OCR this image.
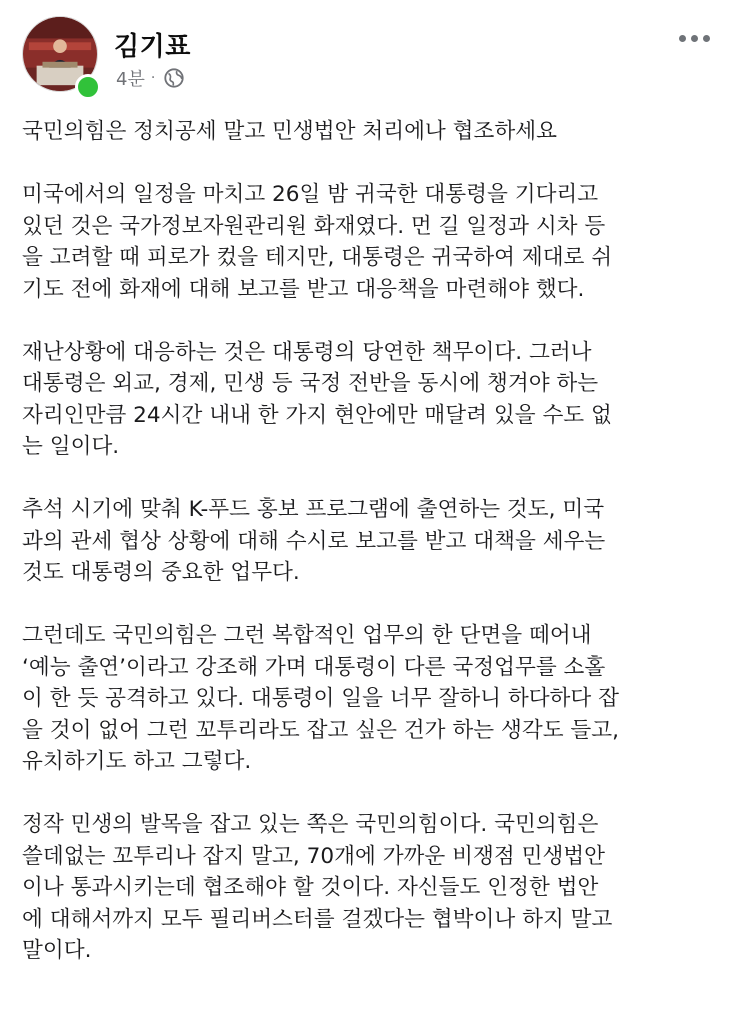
김기표
4분 ·

국민의힘은 정치공세 말고 민생법안 처리에나 협조하세요

미국에서의 일정을 마치고 26일 밤 귀국한 대통령을 기다리고
있던 것은 국가정보자원관리원 화재였다. 먼 길 일정과 시차 등
을 고려할 때 피로가 컸을 테지만, 대통령은 귀국하여 제대로 쉬
기도 전에 화재에 대해 보고를 받고 대응책을 마련해야 했다.

재난상황에 대응하는 것은 대통령의 당연한 책무이다. 그러나
대통령은 외교, 경제, 민생 등 국정 전반을 동시에 챙겨야 하는
자리인만큼 24시간 내내 한 가지 현안에만 매달려 있을 수도 없
는 일이다.

추석 시기에 맞춰 K-푸드 홍보 프로그램에 출연하는 것도, 미국
과의 관세 협상 상황에 대해 수시로 보고를 받고 대책을 세우는
것도 대통령의 중요한 업무다.

그런데도 국민의힘은 그런 복합적인 업무의 한 단면을 떼어내
‘예능 출연’이라고 강조해 가며 대통령이 다른 국정업무를 소홀
이 한 듯 공격하고 있다. 대통령이 일을 너무 잘하니 하다하다 잡
을 것이 없어 그런 꼬투리라도 잡고 싶은 건가 하는 생각도 들고,
유치하기도 하고 그렇다.

정작 민생의 발목을 잡고 있는 쪽은 국민의힘이다. 국민의힘은
쓸데없는 꼬투리나 잡지 말고, 70개에 가까운 비쟁점 민생법안
이나 통과시키는데 협조해야 할 것이다. 자신들도 인정한 법안
에 대해서까지 모두 필리버스터를 걸겠다는 협박이나 하지 말고
말이다.
